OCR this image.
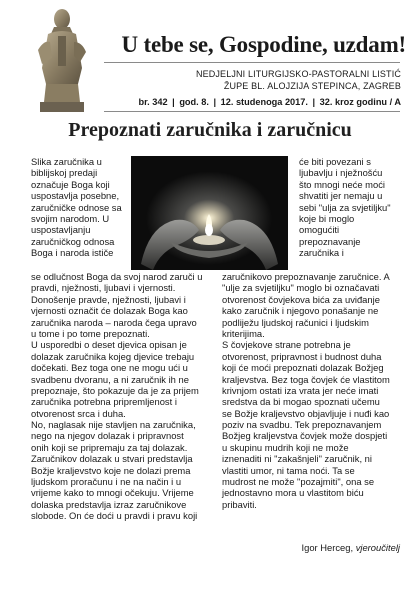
U tebe se, Gospodine, uzdam!
NEDJELJNI LITURGIJSKO-PASTORALNI LISTIĆ
ŽUPE BL. ALOJZIJA STEPINCA, ZAGREB
br. 342 | god. 8. | 12. studenoga 2017. | 32. kroz godinu / A
Prepoznati zaručnika i zaručnicu
Slika zaručnika u
biblijskoj predaji
označuje Boga koji
uspostavlja posebne,
zaručničke odnose sa
svojim narodom. U
uspostavljanju
zaručničkog odnosa
Boga i naroda ističe
će biti povezani s
ljubavlju i nježnošću
što mnogi neće moći
shvatiti jer nemaju u
sebi "ulja za svjetiljku"
koje bi moglo
omogućiti
prepoznavanje
zaručnika i
se odlučnost Boga da svoj narod zaruči u
pravdi, nježnosti, ljubavi i vjernosti.
Donošenje pravde, nježnosti, ljubavi i
vjernosti označit će dolazak Boga kao
zaručnika naroda – naroda čega upravo
u tome i po tome prepoznati.
U usporedbi o deset djevica opisan je
dolazak zaručnika kojeg djevice trebaju
dočekati. Bez toga one ne mogu ući u
svadbenu dvoranu, a ni zaručnik ih ne
prepoznaje, što pokazuje da je za prijem
zaručnika potrebna pripremljenost i
otvorenost srca i duha.
No, naglasak nije stavljen na zaručnika,
nego na njegov dolazak i pripravnost
onih koji se pripremaju za taj dolazak.
Zaručnikov dolazak u stvari predstavlja
Božje kraljevstvo koje ne dolazi prema
ljudskom proračunu i ne na način i u
vrijeme kako to mnogi očekuju. Vrijeme
dolaska predstavlja izraz zaručnikove
slobode. On će doći u pravdi i pravu koji
zaručnikovo prepoznavanje zaručnice. A
"ulje za svjetiljku" moglo bi označavati
otvorenost čovjekova bića za uviđanje
kako zaručnik i njegovo ponašanje ne
podliježu ljudskoj računici i ljudskim
kriterijima.
S čovjekove strane potrebna je
otvorenost, pripravnost i budnost duha
koji će moći prepoznati dolazak Božjeg
kraljevstva. Bez toga čovjek će vlastitom
krivnjom ostati iza vrata jer neće imati
sredstva da bi mogao spoznati učemu
se Božje kraljevstvo objavljuje i nuđi kao
poziv na svadbu. Tek prepoznavanjem
Božjeg kraljevstva čovjek može dospjeti
u skupinu mudrih koji ne može
iznenaditi ni "zakašnjeli" zaručnik, ni
vlastiti umor, ni tama noći. Ta se
mudrost ne može "pozajmiti", ona se
jednostavno mora u vlastitom biću
pribaviti.
Igor Herceg, vjeroučitelj
